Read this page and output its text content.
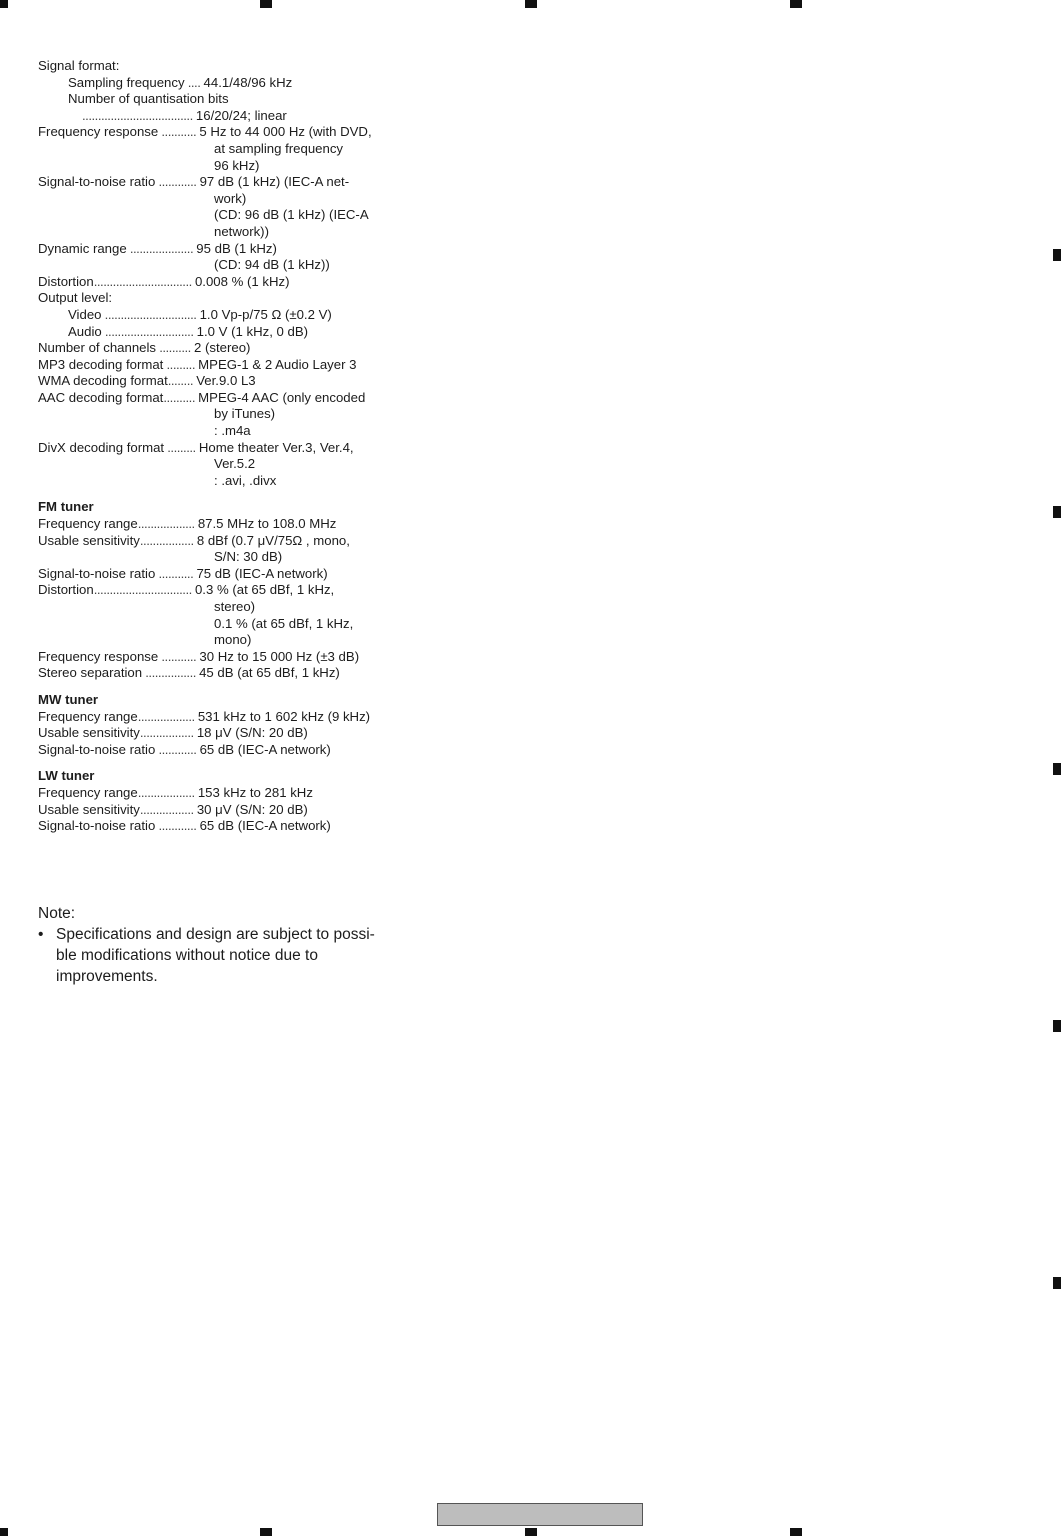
Signal format:
Sampling frequency .... 44.1/48/96 kHz
Number of quantisation bits
................................... 16/20/24; linear
Frequency response ........... 5 Hz to 44 000 Hz (with DVD,
at sampling frequency
96 kHz)
Signal-to-noise ratio ............ 97 dB (1 kHz) (IEC-A net-
work)
(CD: 96 dB (1 kHz) (IEC-A
network))
Dynamic range .................... 95 dB (1 kHz)
(CD: 94 dB (1 kHz))
Distortion............................... 0.008 % (1 kHz)
Output level:
Video ............................. 1.0 Vp-p/75 Ω (±0.2 V)
Audio ............................ 1.0 V (1 kHz, 0 dB)
Number of channels .......... 2 (stereo)
MP3 decoding format ......... MPEG-1 & 2 Audio Layer 3
WMA decoding format........ Ver.9.0 L3
AAC decoding format.......... MPEG-4 AAC (only encoded
by iTunes)
: .m4a
DivX decoding format ......... Home theater Ver.3, Ver.4,
Ver.5.2
: .avi, .divx
FM tuner
Frequency range.................. 87.5 MHz to 108.0 MHz
Usable sensitivity................. 8 dBf (0.7 μV/75Ω , mono,
S/N: 30 dB)
Signal-to-noise ratio ........... 75 dB (IEC-A network)
Distortion............................... 0.3 % (at 65 dBf, 1 kHz,
stereo)
0.1 % (at 65 dBf, 1 kHz,
mono)
Frequency response ........... 30 Hz to 15 000 Hz (±3 dB)
Stereo separation ................ 45 dB (at 65 dBf, 1 kHz)
MW tuner
Frequency range.................. 531 kHz to 1 602 kHz (9 kHz)
Usable sensitivity................. 18 μV (S/N: 20 dB)
Signal-to-noise ratio ............ 65 dB (IEC-A network)
LW tuner
Frequency range.................. 153 kHz to 281 kHz
Usable sensitivity................. 30 μV (S/N: 20 dB)
Signal-to-noise ratio ............ 65 dB (IEC-A network)
Note:
• Specifications and design are subject to possi-
ble modifications without notice due to
improvements.
